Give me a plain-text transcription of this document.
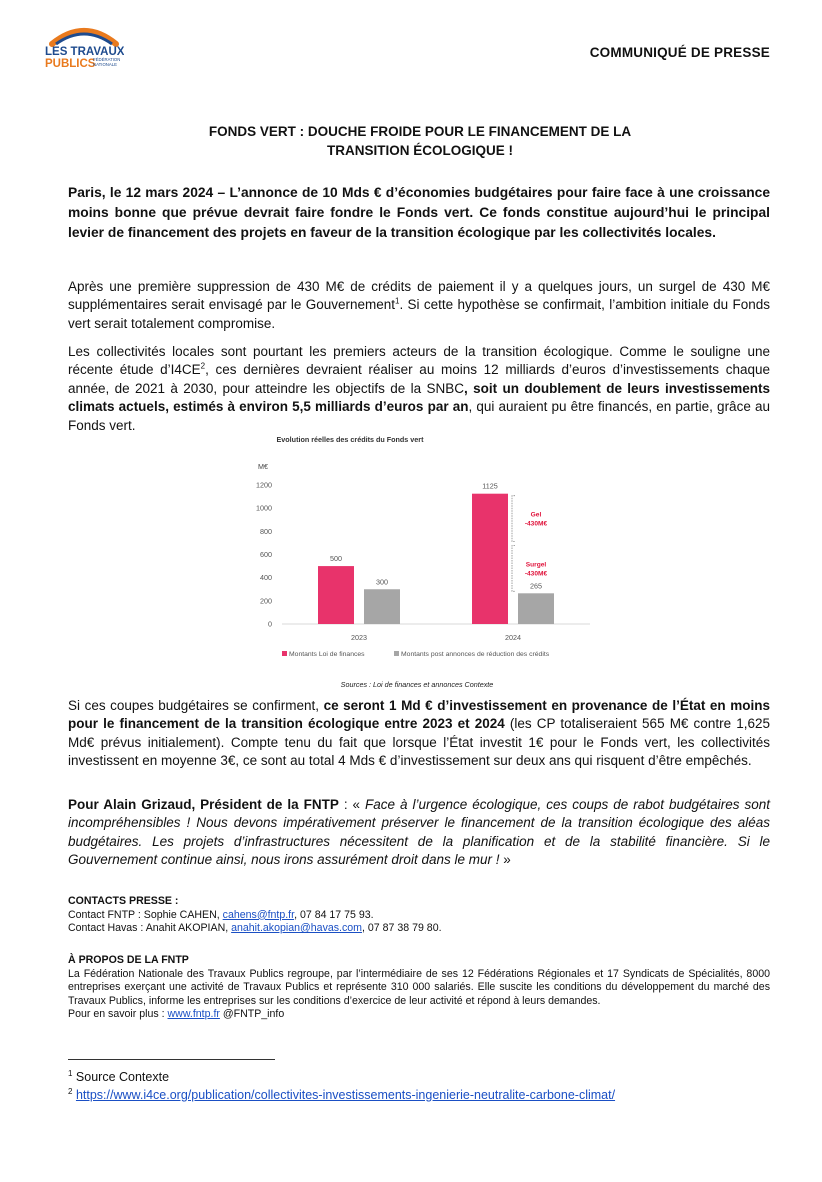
LES TRAVAUX
PUBLICS
FÉDÉRATION
NATIONALE
COMMUNIQUÉ DE PRESSE
FONDS VERT : DOUCHE FROIDE POUR LE FINANCEMENT DE LA
TRANSITION ÉCOLOGIQUE !

Paris, le 12 mars 2024 – L’annonce de 10 Mds € d’économies budgétaires pour faire face à une croissance moins bonne que prévue devrait faire fondre le Fonds vert. Ce fonds constitue aujourd’hui le principal levier de financement des projets en faveur de la transition écologique par les collectivités locales.

Après une première suppression de 430 M€ de crédits de paiement il y a quelques jours, un surgel de 430 M€ supplémentaires serait envisagé par le Gouvernement$^1$. Si cette hypothèse se confirmait, l’ambition initiale du Fonds vert serait totalement compromise.

Les collectivités locales sont pourtant les premiers acteurs de la transition écologique. Comme le souligne une récente étude $d’I4CE^2$, ces dernières devraient réaliser au moins 12 milliards d’euros d’investissements chaque année, de 2021 à 2030, pour atteindre les objectifs de la SNBC, soit un doublement de leurs investissements climats actuels, estimés à environ 5,5 milliards d’euros par an, qui auraient pu être financés, en partie, grâce au Fonds vert.

Evolution réelles des crédits du Fonds vert
M€
0
200
400
600
800
1000
1200
2023
500
300
2024
1125
265
Gel
-430M€
Surgel
-430M€
Montants Loi de finances	Montants post annonces de réduction des crédits
Sources : Loi de finances et annonces Contexte

Si ces coupes budgétaires se confirment, ce seront 1 Md € d’investissement en provenance de l’État en moins pour le financement de la transition écologique entre 2023 et 2024 (les CP totaliseraient 565 M€ contre 1,625 Md€ prévus initialement). Compte tenu du fait que lorsque l’État investit 1€ pour le Fonds vert, les collectivités investissent en moyenne 3€, ce sont au total 4 Mds € d’investissement sur deux ans qui risquent d’être empêchés.

Pour Alain Grizaud, Président de la FNTP : « Face à l’urgence écologique, ces coups de rabot budgétaires sont incompréhensibles ! Nous devons impérativement préserver le financement de la transition écologique des aléas budgétaires. Les projets d’infrastructures nécessitent de la planification et de la stabilité financière. Si le Gouvernement continue ainsi, nous irons assurément droit dans le mur ! »

CONTACTS PRESSE :
Contact FNTP : Sophie CAHEN, cahens@fntp.fr, 07 84 17 75 93.
Contact Havas : Anahit AKOPIAN, anahit.akopian@havas.com, 07 87 38 79 80.
À PROPOS DE LA FNTP
La Fédération Nationale des Travaux Publics regroupe, par l’intermédiaire de ses 12 Fédérations Régionales et 17 Syndicats de Spécialités, 8000 entreprises exerçant une activité de Travaux Publics et représente 310 000 salariés. Elle suscite les conditions du développement du marché des Travaux Publics, informe les entreprises sur les conditions d’exercice de leur activité et répond à leurs demandes.
Pour en savoir plus : www.fntp.fr @FNTP_info
$^1$ Source Contexte
$^2$ https://www.i4ce.org/publication/collectivites-investissements-ingenierie-neutralite-carbone-climat/
